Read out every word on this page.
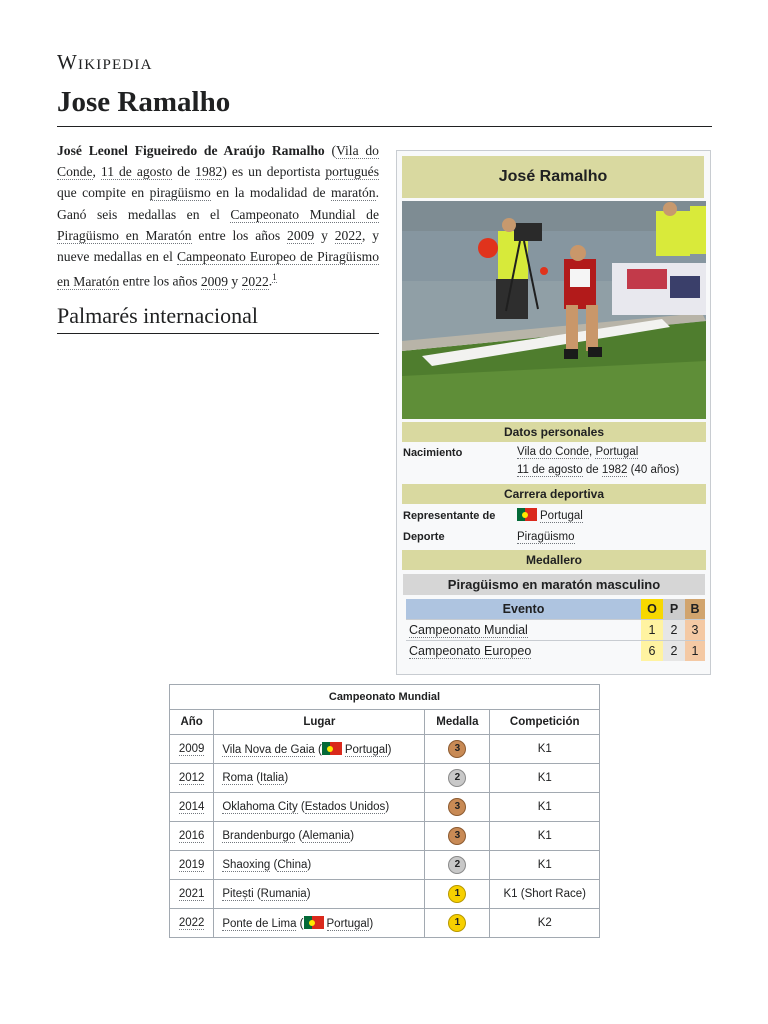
Wikipedia
Jose Ramalho
José Leonel Figueiredo de Araújo Ramalho (Vila do Conde, 11 de agosto de 1982) es un deportista portugués que compite en piragüismo en la modalidad de maratón. Ganó seis medallas en el Campeonato Mundial de Piragüismo en Maratón entre los años 2009 y 2022, y nueve medallas en el Campeonato Europeo de Piragüismo en Maratón entre los años 2009 y 2022.$^1$
Palmarés internacional
José Ramalho
Datos personales
Nacimiento	Vila do Conde, Portugal
11 de agosto de 1982 (40 años)
Carrera deportiva
Representante de	Portugal
Deporte	Piragüismo
Medallero
Piragüismo en maratón masculino
Evento	O	P	B
Campeonato Mundial	1	2	3
Campeonato Europeo	6	2	1
Campeonato Mundial			
Año	Lugar	Medalla	Competición
2009	Vila Nova de Gaia ( Portugal)	3	K1
2012	Roma (Italia)	2	K1
2014	Oklahoma City (Estados Unidos)	3	K1
2016	Brandenburgo (Alemania)	3	K1
2019	Shaoxing (China)	2	K1
2021	Pitești (Rumania)	1	K1 (Short Race)
2022	Ponte de Lima ( Portugal)	1	K2
